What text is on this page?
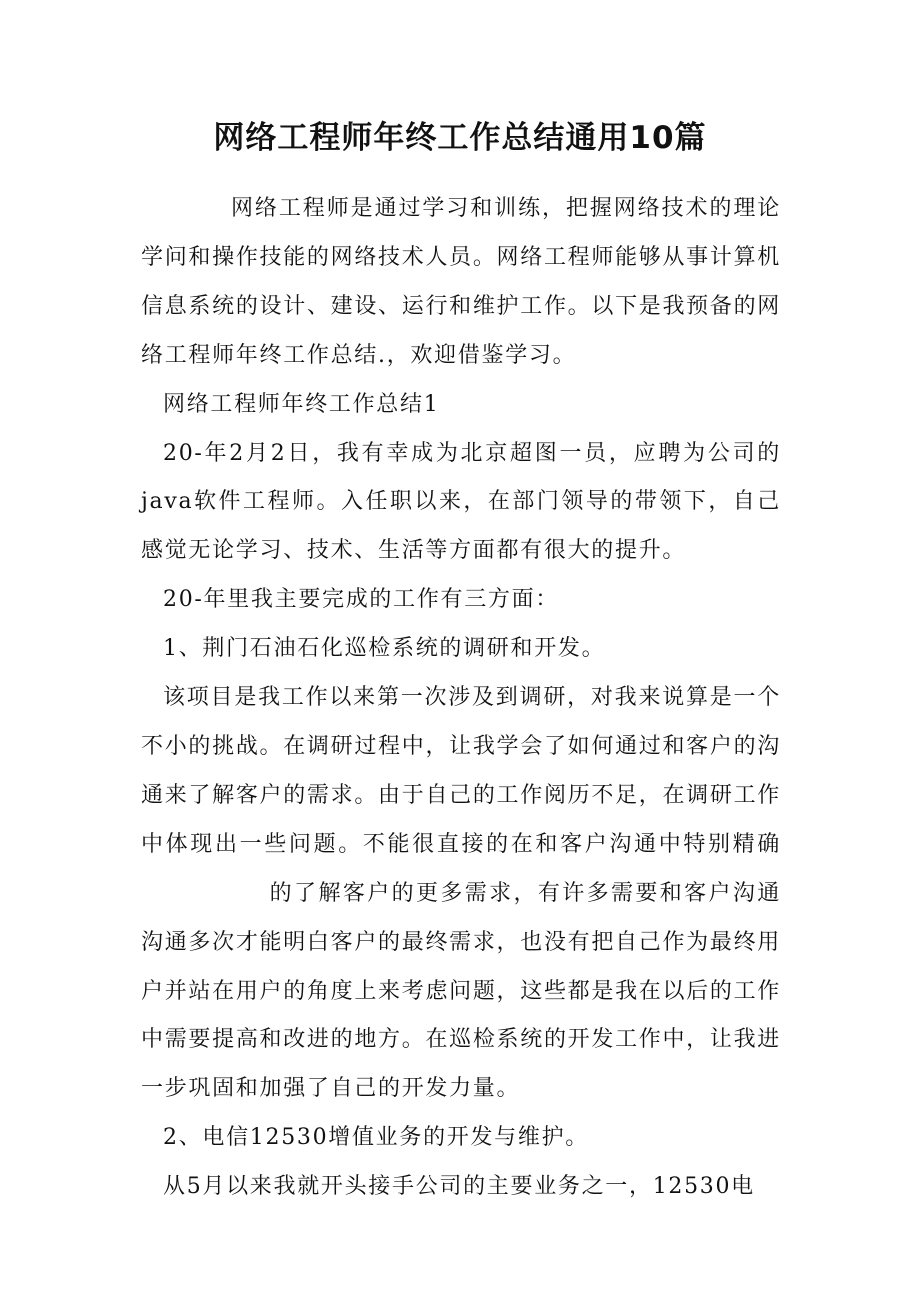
网络工程师年终工作总结通用10篇

网络工程师是通过学习和训练，把握网络技术的理论学问和操作技能的网络技术人员。网络工程师能够从事计算机信息系统的设计、建设、运行和维护工作。以下是我预备的网络工程师年终工作总结.，欢迎借鉴学习。

网络工程师年终工作总结1

20-年2月2日，我有幸成为北京超图一员，应聘为公司的java软件工程师。入任职以来，在部门领导的带领下，自己感觉无论学习、技术、生活等方面都有很大的提升。

20-年里我主要完成的工作有三方面：

1、荆门石油石化巡检系统的调研和开发。

该项目是我工作以来第一次涉及到调研，对我来说算是一个不小的挑战。在调研过程中，让我学会了如何通过和客户的沟通来了解客户的需求。由于自己的工作阅历不足，在调研工作中体现出一些问题。不能很直接的在和客户沟通中特别精确的了解客户的更多需求，有许多需要和客户沟通沟通多次才能明白客户的最终需求，也没有把自己作为最终用户并站在用户的角度上来考虑问题，这些都是我在以后的工作中需要提高和改进的地方。在巡检系统的开发工作中，让我进一步巩固和加强了自己的开发力量。

2、电信12530增值业务的开发与维护。

从5月以来我就开头接手公司的主要业务之一，12530电
